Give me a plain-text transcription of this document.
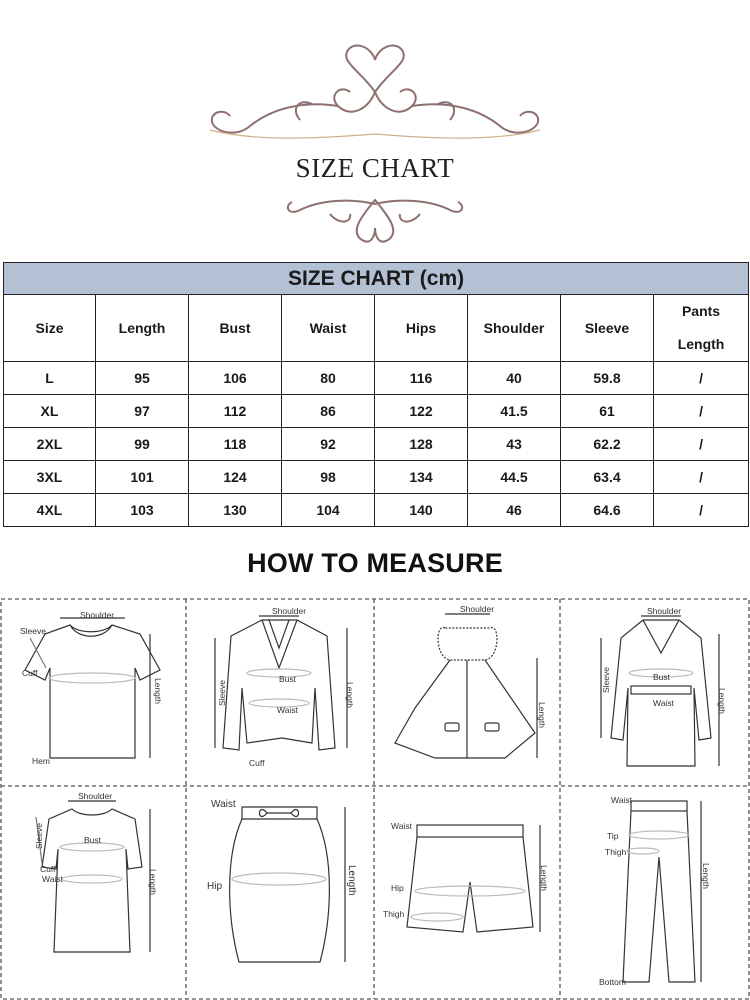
SIZE CHART
SIZE CHART (cm)							
Size	Length	Bust	Waist	Hips	Shoulder	Sleeve	Pants
Length

L	95	106	80	116	40	59.8	/
XL	97	112	86	122	41.5	61	/
2XL	99	118	92	128	43	62.2	/
3XL	101	124	98	134	44.5	63.4	/
4XL	103	130	104	140	46	64.6	/
HOW TO MEASURE
Shoulder
Sleeve
Cuff
Length
Hem
Shoulder
Sleeve
Bust
Waist
Length
Cuff
Shoulder
Length
Shoulder
Sleeve	Bust
Waist	Length
Shoulder
Sleeve	Bust
Cuff
Waist	Length
Waist
Hip	Length
Waist
Hip
Thigh
Length
Waist
Tip
Thigh
Length
Bottom
